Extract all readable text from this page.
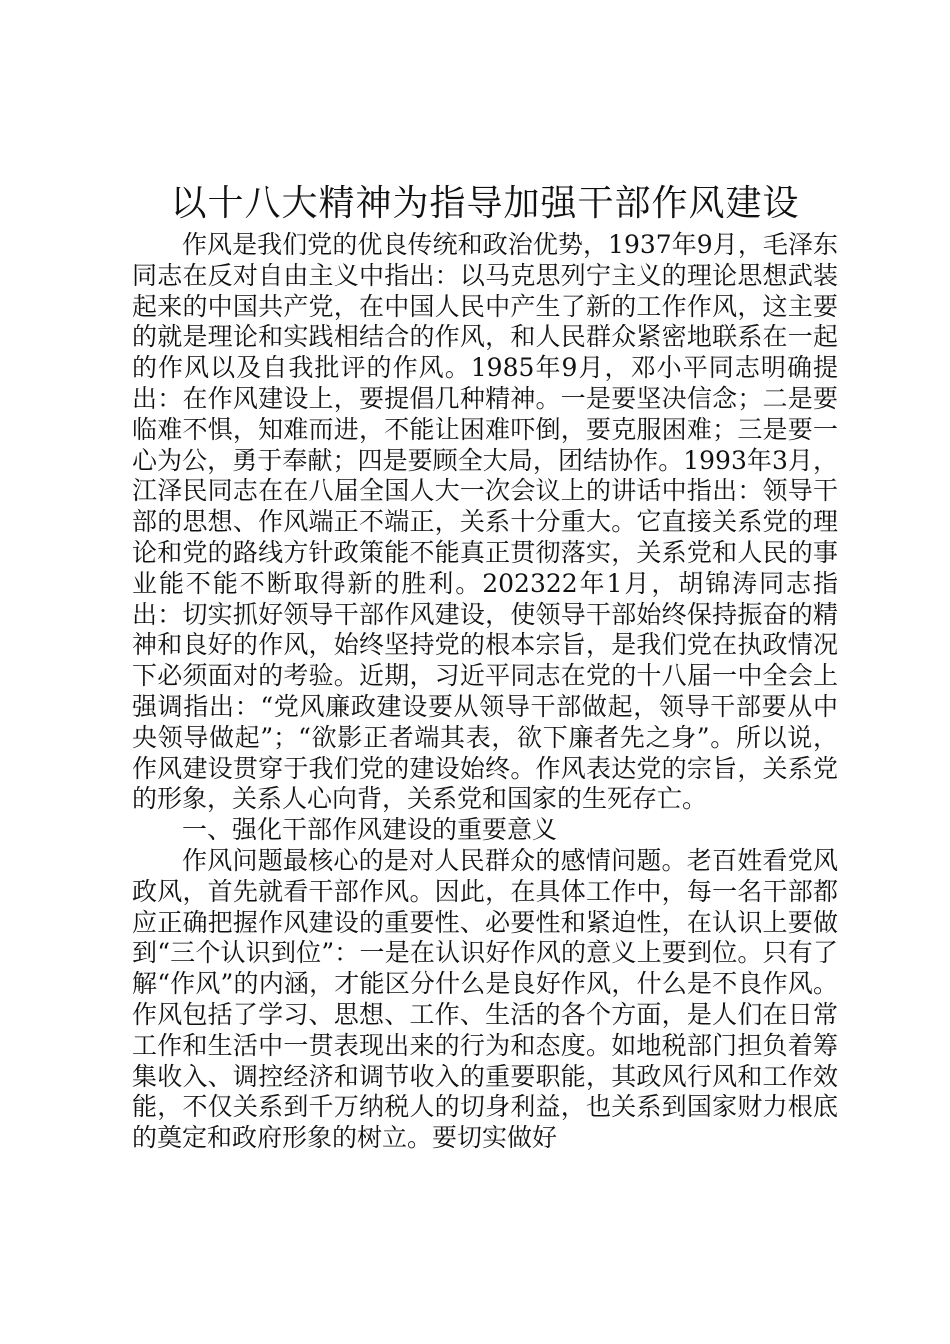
以十八大精神为指导加强干部作风建设

作风是我们党的优良传统和政治优势，1937年9月，毛泽东同志在反对自由主义中指出：以马克思列宁主义的理论思想武装起来的中国共产党，在中国人民中产生了新的工作作风，这主要的就是理论和实践相结合的作风，和人民群众紧密地联系在一起的作风以及自我批评的作风。1985年9月，邓小平同志明确提出：在作风建设上，要提倡几种精神。一是要坚决信念；二是要临难不惧，知难而进，不能让困难吓倒，要克服困难；三是要一心为公，勇于奉献；四是要顾全大局，团结协作。1993年3月，江泽民同志在在八届全国人大一次会议上的讲话中指出：领导干部的思想、作风端正不端正，关系十分重大。它直接关系党的理论和党的路线方针政策能不能真正贯彻落实，关系党和人民的事业能不能不断取得新的胜利。202322年1月，胡锦涛同志指出：切实抓好领导干部作风建设，使领导干部始终保持振奋的精神和良好的作风，始终坚持党的根本宗旨，是我们党在执政情况下必须面对的考验。近期，习近平同志在党的十八届一中全会上强调指出：“党风廉政建设要从领导干部做起，领导干部要从中央领导做起”；“欲影正者端其表，欲下廉者先之身”。所以说，作风建设贯穿于我们党的建设始终。作风表达党的宗旨，关系党的形象，关系人心向背，关系党和国家的生死存亡。

一、强化干部作风建设的重要意义

作风问题最核心的是对人民群众的感情问题。老百姓看党风政风，首先就看干部作风。因此，在具体工作中，每一名干部都应正确把握作风建设的重要性、必要性和紧迫性，在认识上要做到“三个认识到位”：一是在认识好作风的意义上要到位。只有了解“作风”的内涵，才能区分什么是良好作风，什么是不良作风。作风包括了学习、思想、工作、生活的各个方面，是人们在日常工作和生活中一贯表现出来的行为和态度。如地税部门担负着筹集收入、调控经济和调节收入的重要职能，其政风行风和工作效能，不仅关系到千万纳税人的切身利益，也关系到国家财力根底的奠定和政府形象的树立。要切实做好
